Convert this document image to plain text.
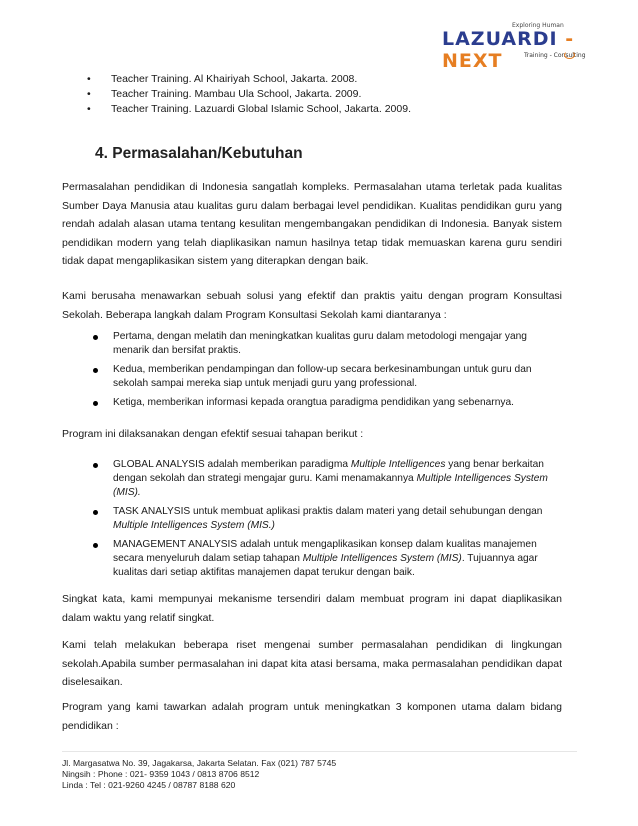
Exploring Human
LAZUARDI - NEXT	Training - Consulting
• Teacher Training. Al Khairiyah School, Jakarta. 2008.
• Teacher Training. Mambau Ula School, Jakarta. 2009.
• Teacher Training. Lazuardi Global Islamic School, Jakarta. 2009.
4. Permasalahan/Kebutuhan

Permasalahan pendidikan di Indonesia sangatlah kompleks. Permasalahan utama terletak pada kualitas Sumber Daya Manusia atau kualitas guru dalam berbagai level pendidikan. Kualitas pendidikan guru yang rendah adalah alasan utama tentang kesulitan mengembangakan pendidikan di Indonesia. Banyak sistem pendidikan modern yang telah diaplikasikan namun hasilnya tetap tidak memuaskan karena guru sendiri tidak dapat mengaplikasikan sistem yang diterapkan dengan baik.

Kami berusaha menawarkan sebuah solusi yang efektif dan praktis yaitu dengan program Konsultasi Sekolah. Beberapa langkah dalam Program Konsultasi Sekolah kami diantaranya :

Pertama, dengan melatih dan meningkatkan kualitas guru dalam metodologi mengajar yang menarik dan bersifat praktis.
Kedua, memberikan pendampingan dan follow-up secara berkesinambungan untuk guru dan sekolah sampai mereka siap untuk menjadi guru yang professional.
Ketiga, memberikan informasi kepada orangtua paradigma pendidikan yang sebenarnya.

Program ini dilaksanakan dengan efektif sesuai tahapan berikut :

GLOBAL ANALYSIS adalah memberikan paradigma Multiple Intelligences yang benar berkaitan dengan sekolah dan strategi mengajar guru. Kami menamakannya Multiple Intelligences System (MIS).
TASK ANALYSIS untuk membuat aplikasi praktis dalam materi yang detail sehubungan dengan Multiple Intelligences System (MIS.)
MANAGEMENT ANALYSIS adalah untuk mengaplikasikan konsep dalam kualitas manajemen secara menyeluruh dalam setiap tahapan Multiple Intelligences System (MIS). Tujuannya agar kualitas dari setiap aktifitas manajemen dapat terukur dengan baik.

Singkat kata, kami mempunyai mekanisme tersendiri dalam membuat program ini dapat diaplikasikan dalam waktu yang relatif singkat.

Kami telah melakukan beberapa riset mengenai sumber permasalahan pendidikan di lingkungan sekolah.Apabila sumber permasalahan ini dapat kita atasi bersama, maka permasalahan pendidikan dapat diselesaikan.

Program yang kami tawarkan adalah program untuk meningkatkan 3 komponen utama dalam bidang pendidikan :

Jl. Margasatwa No. 39, Jagakarsa, Jakarta Selatan. Fax (021) 787 5745
Ningsih : Phone : 021- 9359 1043 / 0813 8706 8512
Linda : Tel : 021-9260 4245 / 08787 8188 620
